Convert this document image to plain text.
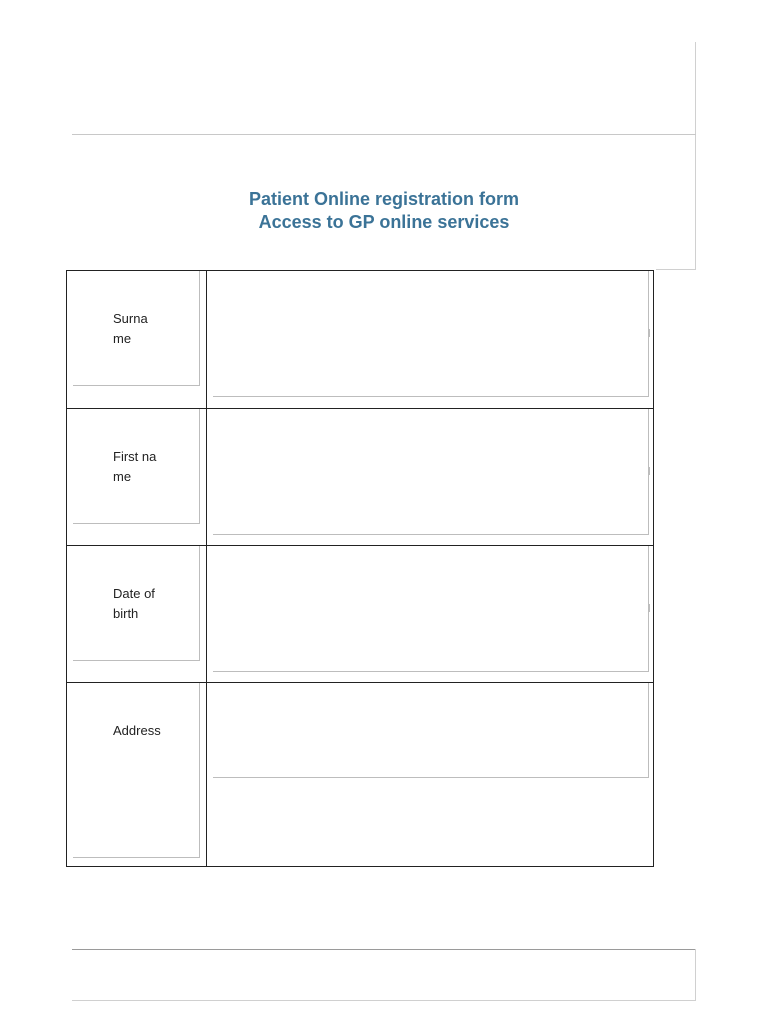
Patient Online registration form
Access to GP online services
Surname
First name
Date of birth
Address
